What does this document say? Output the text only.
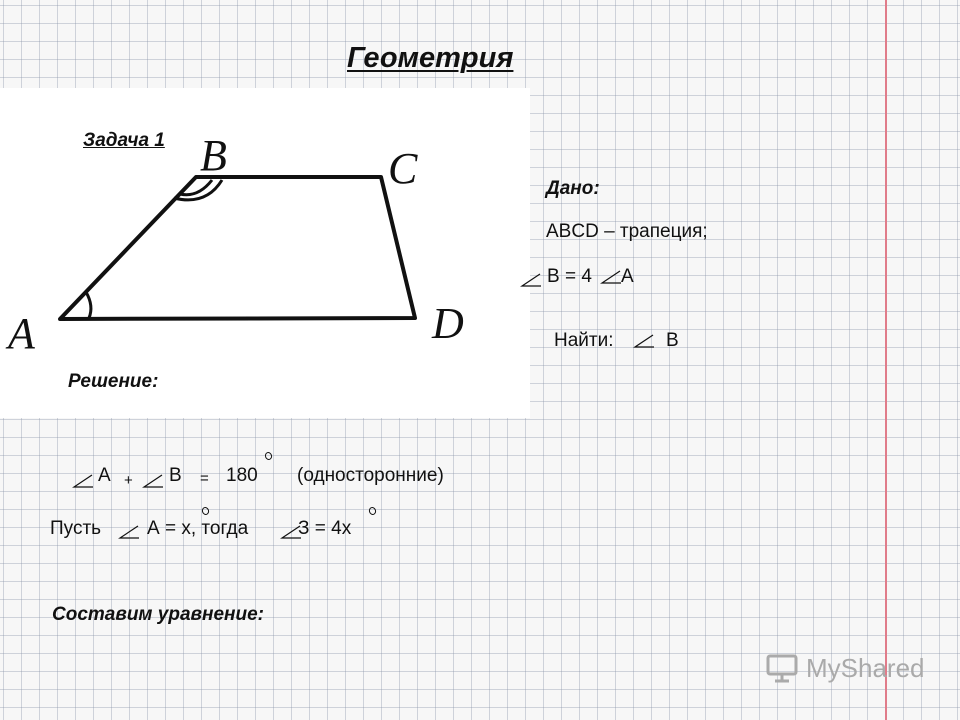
Геометрия
Задача 1
A
B	C
D
Дано:
ABCD – трапеция;
B = 4 A
Найти:	B
Решение:
A + B = 180 (односторонние)
Пусть А = х, тогда	З = 4х
Составим уравнение:
MyShared
